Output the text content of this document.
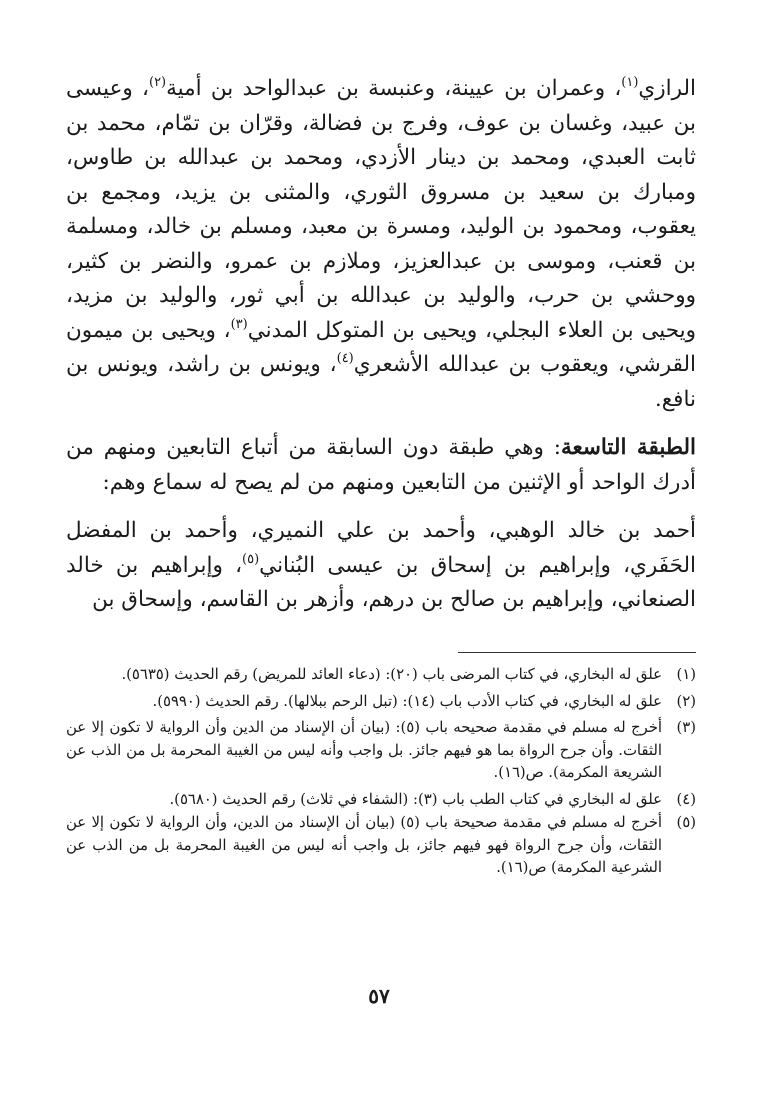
الرازي$^{(١)}$، وعمران بن عيينة، وعنبسة بن عبدالواحد بن أمية$^{(٢)}$، وعيسى بن عبيد، وغسان بن عوف، وفرج بن فضالة، وقرّان بن تمّام، محمد بن ثابت العبدي، ومحمد بن دينار الأزدي، ومحمد بن عبدالله بن طاوس، ومبارك بن سعيد بن مسروق الثوري، والمثنى بن يزيد، ومجمع بن يعقوب، ومحمود بن الوليد، ومسرة بن معبد، ومسلم بن خالد، ومسلمة بن قعنب، وموسى بن عبدالعزيز، وملازم بن عمرو، والنضر بن كثير، ووحشي بن حرب، والوليد بن عبدالله بن أبي ثور، والوليد بن مزيد، ويحيى بن العلاء البجلي، ويحيى بن المتوكل المدني$^{(٣)}$، ويحيى بن ميمون القرشي، ويعقوب بن عبدالله الأشعري$^{(٤)}$، ويونس بن راشد، ويونس بن نافع.

الطبقة التاسعة: وهي طبقة دون السابقة من أتباع التابعين ومنهم من أدرك الواحد أو الإثنين من التابعين ومنهم من لم يصح له سماع وهم:

أحمد بن خالد الوهبي، وأحمد بن علي النميري، وأحمد بن المفضل الحَفَري، وإبراهيم بن إسحاق بن عيسى البُناني$^{(٥)}$، وإبراهيم بن خالد الصنعاني، وإبراهيم بن صالح بن درهم، وأزهر بن القاسم، وإسحاق بن

(١)
علق له البخاري، في كتاب المرضى باب (٢٠): (دعاء العائد للمريض) رقم الحديث (٥٦٣٥).
(٢)
علق له البخاري، في كتاب الأدب باب (١٤): (تبل الرحم ببلالها). رقم الحديث (٥٩٩٠).
(٣)
أخرج له مسلم في مقدمة صحيحه باب (٥): (بيان أن الإسناد من الدين وأن الرواية لا تكون إلا عن الثقات. وأن جرح الرواة بما هو فيهم جائز. بل واجب وأنه ليس من الغيبة المحرمة بل من الذب عن الشريعة المكرمة). ص(١٦).
(٤)
علق له البخاري في كتاب الطب باب (٣): (الشفاء في ثلاث) رقم الحديث (٥٦٨٠).
(٥)
أخرج له مسلم في مقدمة صحيحة باب (٥) (بيان أن الإسناد من الدين، وأن الرواية لا تكون إلا عن الثقات، وأن جرح الرواة فهو فيهم جائز، بل واجب أنه ليس من الغيبة المحرمة بل من الذب عن الشرعية المكرمة) ص(١٦).
٥٧
